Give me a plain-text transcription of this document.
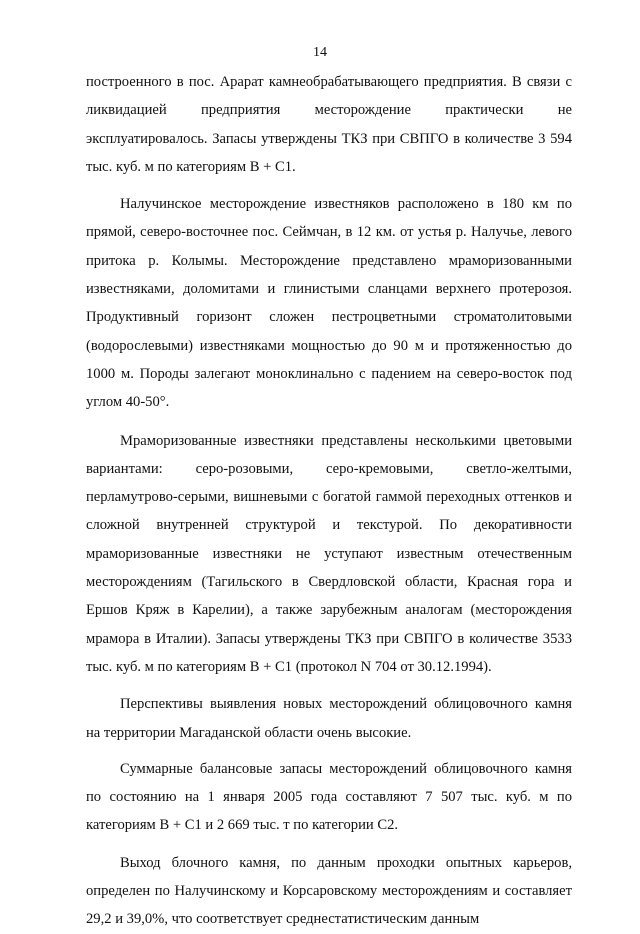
14

построенного в пос. Арарат камнеобрабатывающего предприятия. В связи с ликвидацией предприятия месторождение практически не эксплуатировалось. Запасы утверждены ТКЗ при СВПГО в количестве 3 594 тыс. куб. м по категориям В + С1.

Налучинское месторождение известняков расположено в 180 км по прямой, северо-восточнее пос. Сеймчан, в 12 км. от устья р. Налучье, левого притока р. Колымы. Месторождение представлено мраморизованными известняками, доломитами и глинистыми сланцами верхнего протерозоя. Продуктивный горизонт сложен пестроцветными строматолитовыми (водорослевыми) известняками мощностью до 90 м и протяженностью до 1000 м. Породы залегают моноклинально с падением на северо-восток под углом 40-50°.

Мраморизованные известняки представлены несколькими цветовыми вариантами: серо-розовыми, серо-кремовыми, светло-желтыми, перламутрово-серыми, вишневыми с богатой гаммой переходных оттенков и сложной внутренней структурой и текстурой. По декоративности мраморизованные известняки не уступают известным отечественным месторождениям (Тагильского в Свердловской области, Красная гора и Ершов Кряж в Карелии), а также зарубежным аналогам (месторождения мрамора в Италии). Запасы утверждены ТКЗ при СВПГО в количестве 3533 тыс. куб. м по категориям В + С1 (протокол N 704 от 30.12.1994).

Перспективы выявления новых месторождений облицовочного камня на территории Магаданской области очень высокие.

Суммарные балансовые запасы месторождений облицовочного камня по состоянию на 1 января 2005 года составляют 7 507 тыс. куб. м по категориям В + С1 и 2 669 тыс. т по категории С2.

Выход блочного камня, по данным проходки опытных карьеров, определен по Налучинскому и Корсаровскому месторождениям и составляет 29,2 и 39,0%, что соответствует среднестатистическим данным
